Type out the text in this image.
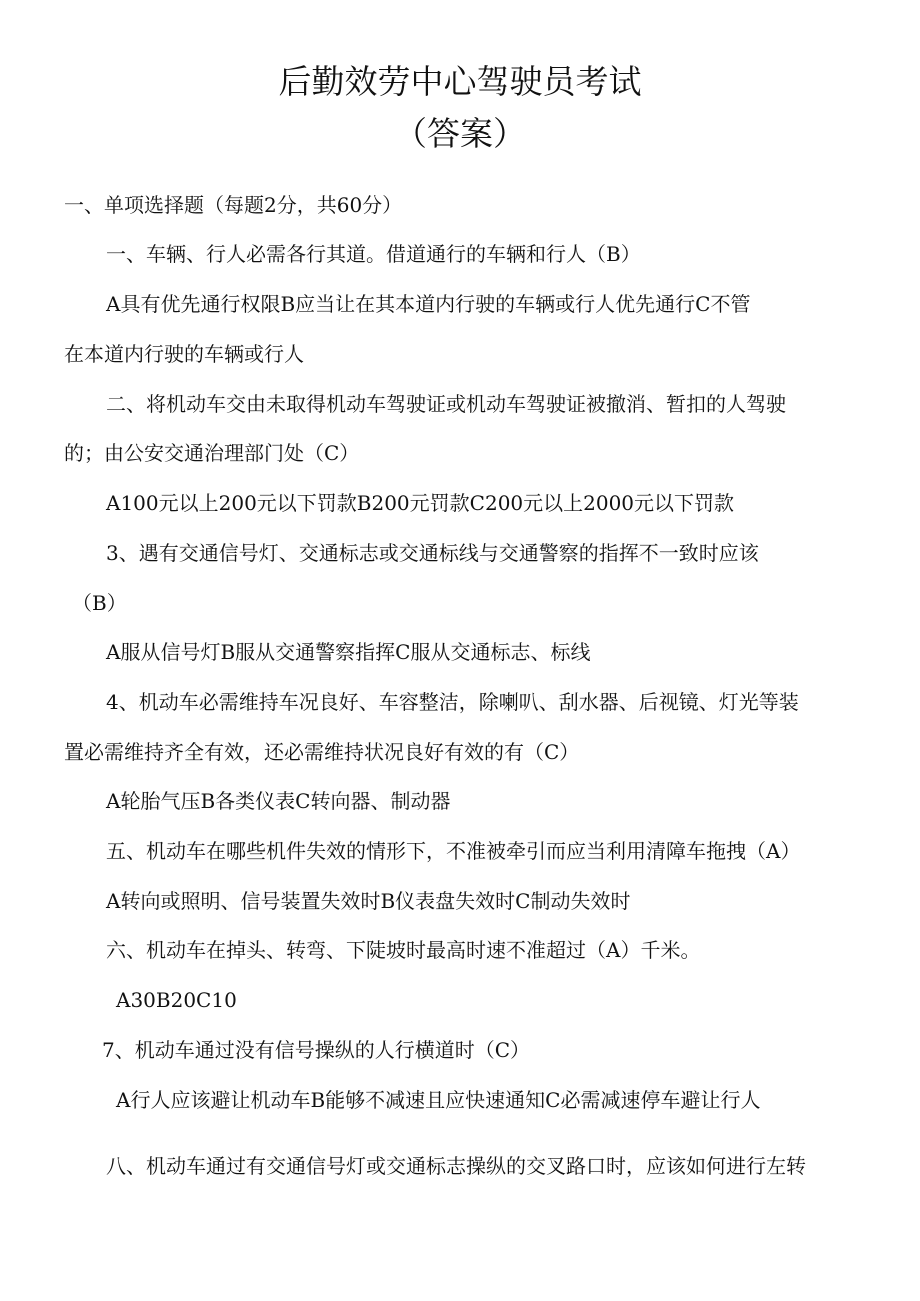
后勤效劳中心驾驶员考试
（答案）
一、单项选择题（每题2分，共60分）
一、车辆、行人必需各行其道。借道通行的车辆和行人（B）
A具有优先通行权限B应当让在其本道内行驶的车辆或行人优先通行C不管
在本道内行驶的车辆或行人
二、将机动车交由未取得机动车驾驶证或机动车驾驶证被撤消、暂扣的人驾驶
的；由公安交通治理部门处（C）
A100元以上200元以下罚款B200元罚款C200元以上2000元以下罚款
3、遇有交通信号灯、交通标志或交通标线与交通警察的指挥不一致时应该
（B）
A服从信号灯B服从交通警察指挥C服从交通标志、标线
4、机动车必需维持车况良好、车容整洁，除喇叭、刮水器、后视镜、灯光等装
置必需维持齐全有效，还必需维持状况良好有效的有（C）
A轮胎气压B各类仪表C转向器、制动器
五、机动车在哪些机件失效的情形下，不准被牵引而应当利用清障车拖拽（A）
A转向或照明、信号装置失效时B仪表盘失效时C制动失效时
六、机动车在掉头、转弯、下陡坡时最高时速不准超过（A）千米。
A30B20C10
7、机动车通过没有信号操纵的人行横道时（C）
A行人应该避让机动车B能够不减速且应快速通知C必需减速停车避让行人
八、机动车通过有交通信号灯或交通标志操纵的交叉路口时，应该如何进行左转
